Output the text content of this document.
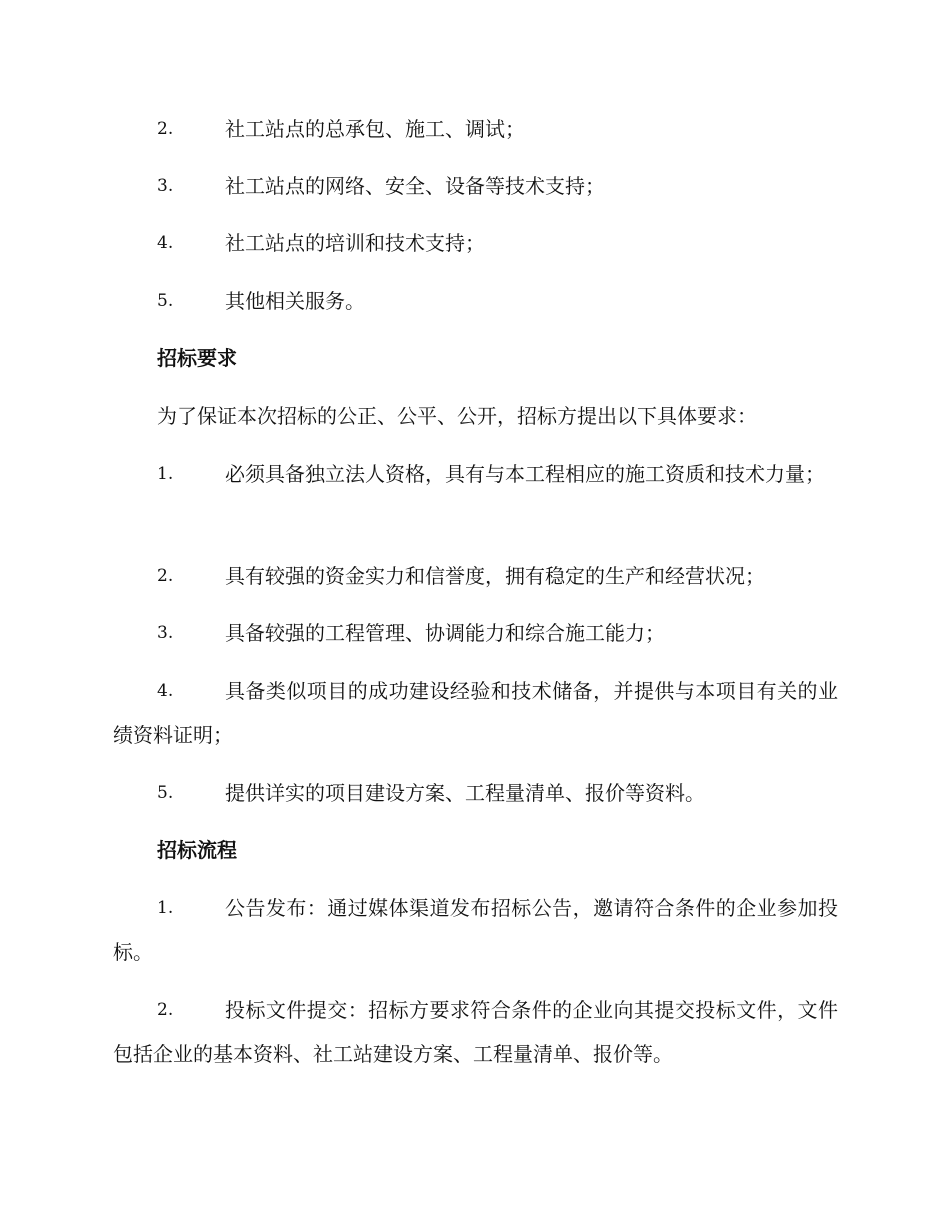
2.	社工站点的总承包、施工、调试；
3.	社工站点的网络、安全、设备等技术支持；
4.	社工站点的培训和技术支持；
5.	其他相关服务。
招标要求

为了保证本次招标的公正、公平、公开，招标方提出以下具体要求：

1.	必须具备独立法人资格，具有与本工程相应的施工资质和技术力量；
2.	具有较强的资金实力和信誉度，拥有稳定的生产和经营状况；
3.	具备较强的工程管理、协调能力和综合施工能力；
4.	具备类似项目的成功建设经验和技术储备，并提供与本项目有关的业绩资料证明；
5.	提供详实的项目建设方案、工程量清单、报价等资料。
招标流程
1.	公告发布：通过媒体渠道发布招标公告，邀请符合条件的企业参加投标。
2.	投标文件提交：招标方要求符合条件的企业向其提交投标文件，文件包括企业的基本资料、社工站建设方案、工程量清单、报价等。
